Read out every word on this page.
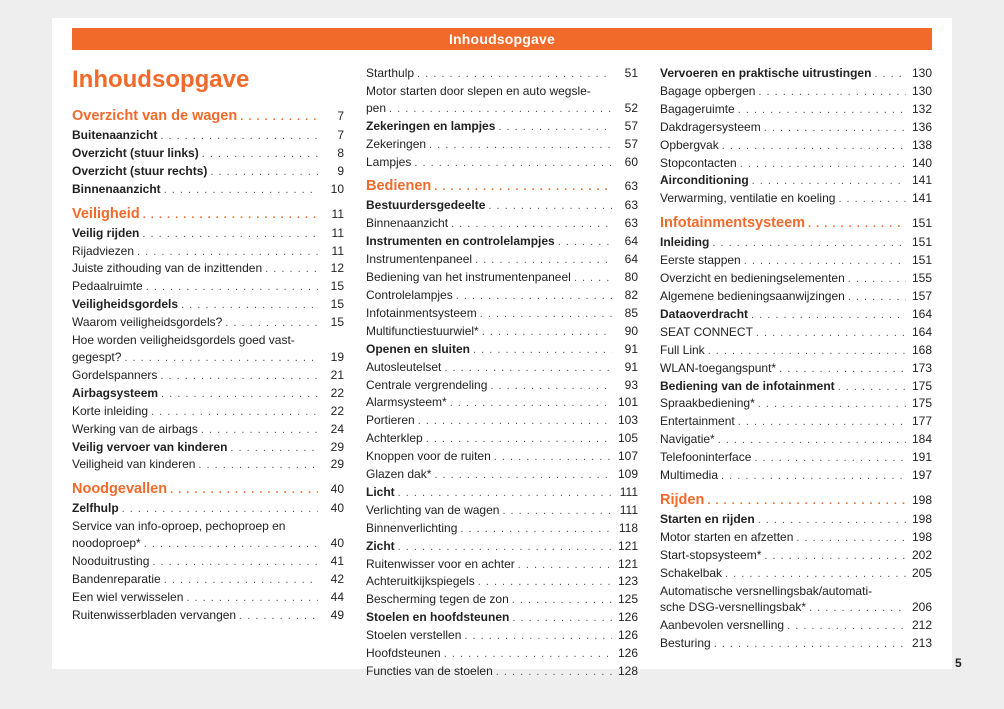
Inhoudsopgave
Inhoudsopgave
Overzicht van de wagen . . .	7
Buitenaanzicht . . .	7
Overzicht (stuur links) . . .	8
Overzicht (stuur rechts) . . .	9
Binnenaanzicht . . .	10
Veiligheid . . .	11
Veilig rijden . . .	11
Rijadviezen . . .	11
Juiste zithouding van de inzittenden . . .	12
Pedaalruimte . . .	15
Veiligheidsgordels . . .	15
Waarom veiligheidsgordels? . . .	15
Hoe worden veiligheidsgordels goed vast-
gegespt? . . .	19
Gordelspanners . . .	21
Airbagsysteem . . .	22
Korte inleiding . . .	22
Werking van de airbags . . .	24
Veilig vervoer van kinderen . . .	29
Veiligheid van kinderen . . .	29
Noodgevallen . . .	40
Zelfhulp . . .	40
Service van info-oproep, pechoproep en
noodoproep* . . .	40
Nooduitrusting . . .	41
Bandenreparatie . . .	42
Een wiel verwisselen . . .	44
Ruitenwisserbladen vervangen . . .	49
Starthulp . . .	51
Motor starten door slepen en auto wegsle-
pen . . .	52
Zekeringen en lampjes . . .	57
Zekeringen . . .	57
Lampjes . . .	60
Bedienen . . .	63
Bestuurdersgedeelte . . .	63
Binnenaanzicht . . .	63
Instrumenten en controlelampjes . . .	64
Instrumentenpaneel . . .	64
Bediening van het instrumentenpaneel . . .	80
Controlelampjes . . .	82
Infotainmentsysteem . . .	85
Multifunctiestuurwiel* . . .	90
Openen en sluiten . . .	91
Autosleutelset . . .	91
Centrale vergrendeling . . .	93
Alarmsysteem* . . .	101
Portieren . . .	103
Achterklep . . .	105
Knoppen voor de ruiten . . .	107
Glazen dak* . . .	109
Licht . . .	111
Verlichting van de wagen . . .	111
Binnenverlichting . . .	118
Zicht . . .	121
Ruitenwisser voor en achter . . .	121
Achteruitkijkspiegels . . .	123
Bescherming tegen de zon . . .	125
Stoelen en hoofdsteunen . . .	126
Stoelen verstellen . . .	126
Hoofdsteunen . . .	126
Functies van de stoelen . . .	128
Vervoeren en praktische uitrustingen . . .	130
Bagage opbergen . . .	130
Bagageruimte . . .	132
Dakdragersysteem . . .	136
Opbergvak . . .	138
Stopcontacten . . .	140
Airconditioning . . .	141
Verwarming, ventilatie en koeling . . .	141
Infotainmentsysteem . . .	151
Inleiding . . .	151
Eerste stappen . . .	151
Overzicht en bedieningselementen . . .	155
Algemene bedieningsaanwijzingen . . .	157
Dataoverdracht . . .	164
SEAT CONNECT . . .	164
Full Link . . .	168
WLAN-toegangspunt* . . .	173
Bediening van de infotainment . . .	175
Spraakbediening* . . .	175
Entertainment . . .	177
Navigatie* . . .	184
Telefooninterface . . .	191
Multimedia . . .	197
Rijden . . .	198
Starten en rijden . . .	198
Motor starten en afzetten . . .	198
Start-stopsysteem* . . .	202
Schakelbak . . .	205
Automatische versnellingsbak/automati-
sche DSG-versnellingsbak* . . .	206
Aanbevolen versnelling . . .	212
Besturing . . .	213
5
